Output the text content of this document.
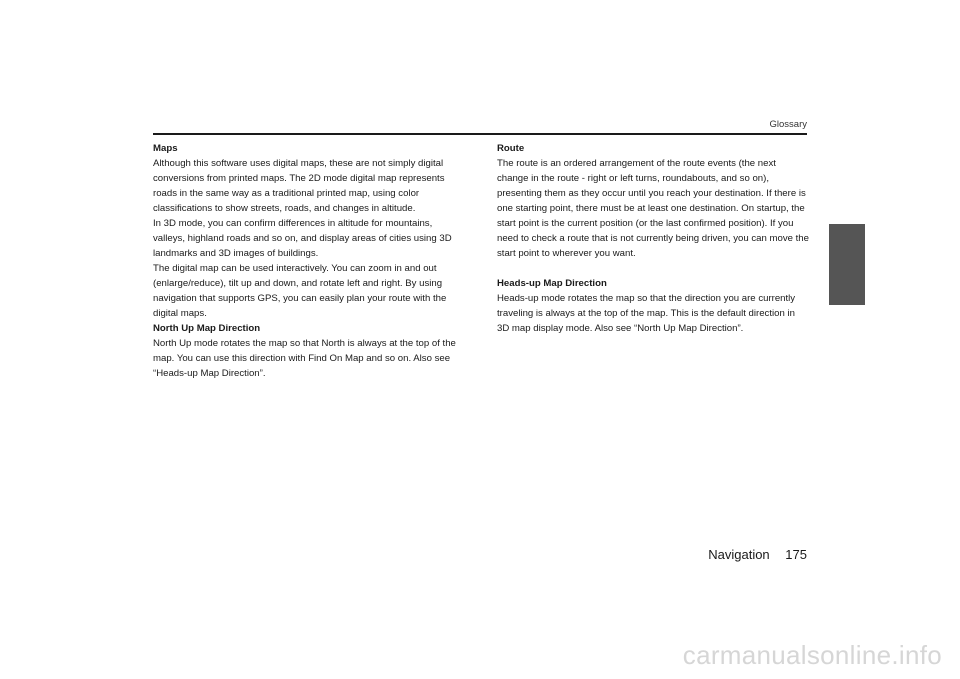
Glossary
Maps

Although this software uses digital maps, these are not simply digital conversions from printed maps. The 2D mode digital map represents roads in the same way as a traditional printed map, using color classifications to show streets, roads, and changes in altitude.

In 3D mode, you can confirm differences in altitude for mountains, valleys, highland roads and so on, and display areas of cities using 3D landmarks and 3D images of buildings.

The digital map can be used interactively. You can zoom in and out (enlarge/reduce), tilt up and down, and rotate left and right. By using navigation that supports GPS, you can easily plan your route with the digital maps.

North Up Map Direction

North Up mode rotates the map so that North is always at the top of the map. You can use this direction with Find On Map and so on. Also see “Heads-up Map Direction”.

Route

The route is an ordered arrangement of the route events (the next change in the route - right or left turns, roundabouts, and so on), presenting them as they occur until you reach your destination. If there is one starting point, there must be at least one destination. On startup, the start point is the current position (or the last confirmed position). If you need to check a route that is not currently being driven, you can move the start point to wherever you want.

Heads-up Map Direction

Heads-up mode rotates the map so that the direction you are currently traveling is always at the top of the map. This is the default direction in 3D map display mode. Also see “North Up Map Direction”.

Navigation 175
carmanualsonline.info
